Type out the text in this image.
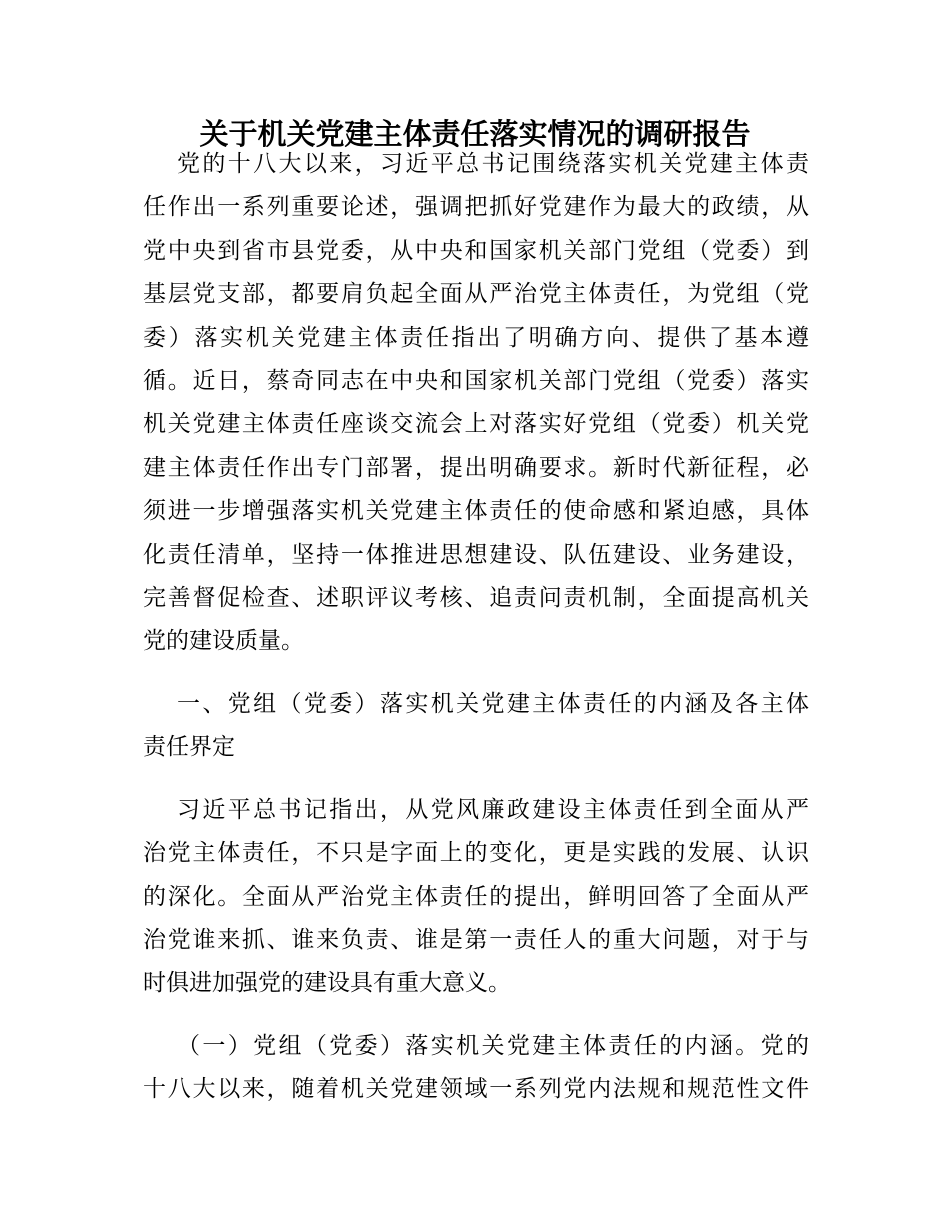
关于机关党建主体责任落实情况的调研报告

党的十八大以来，习近平总书记围绕落实机关党建主体责
任作出一系列重要论述，强调把抓好党建作为最大的政绩，从
党中央到省市县党委，从中央和国家机关部门党组（党委）到
基层党支部，都要肩负起全面从严治党主体责任，为党组（党
委）落实机关党建主体责任指出了明确方向、提供了基本遵
循。近日，蔡奇同志在中央和国家机关部门党组（党委）落实
机关党建主体责任座谈交流会上对落实好党组（党委）机关党
建主体责任作出专门部署，提出明确要求。新时代新征程，必
须进一步增强落实机关党建主体责任的使命感和紧迫感，具体
化责任清单，坚持一体推进思想建设、队伍建设、业务建设，
完善督促检查、述职评议考核、追责问责机制，全面提高机关
党的建设质量。

一、党组（党委）落实机关党建主体责任的内涵及各主体
责任界定

习近平总书记指出，从党风廉政建设主体责任到全面从严
治党主体责任，不只是字面上的变化，更是实践的发展、认识
的深化。全面从严治党主体责任的提出，鲜明回答了全面从严
治党谁来抓、谁来负责、谁是第一责任人的重大问题，对于与
时俱进加强党的建设具有重大意义。

（一）党组（党委）落实机关党建主体责任的内涵。党的
十八大以来，随着机关党建领域一系列党内法规和规范性文件
